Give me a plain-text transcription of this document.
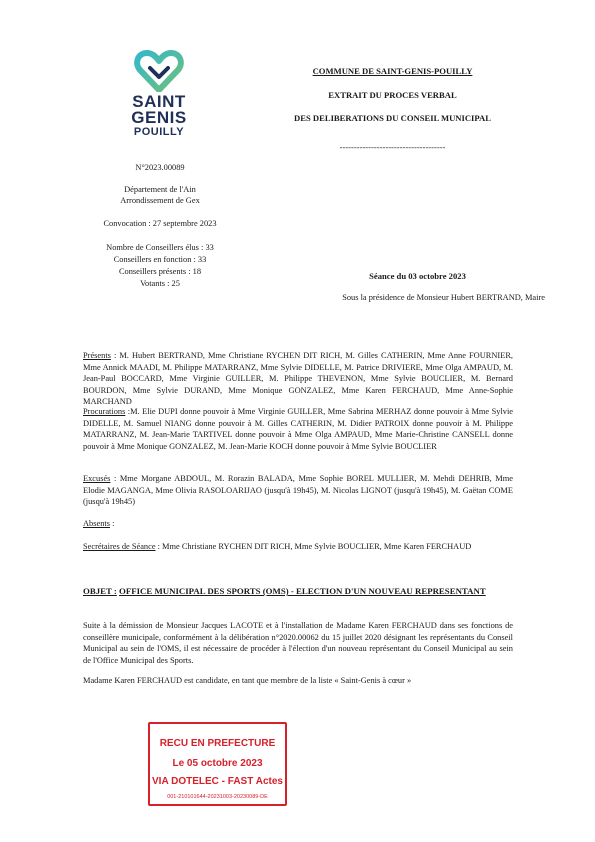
SAINT
GENIS
POUILLY
COMMUNE DE SAINT-GENIS-POUILLY
EXTRAIT DU PROCES VERBAL
DES DELIBERATIONS DU CONSEIL MUNICIPAL
-------------------------------------
N°2023.00089
Département de l'Ain
Arrondissement de Gex
Convocation : 27 septembre 2023
Nombre de Conseillers élus : 33
Conseillers en fonction : 33
Conseillers présents : 18
Votants : 25
Séance du 03 octobre 2023
Sous la présidence de Monsieur Hubert BERTRAND, Maire
Présents : M. Hubert BERTRAND, Mme Christiane RYCHEN DIT RICH, M. Gilles CATHERIN, Mme Anne FOURNIER, Mme Annick MAADI, M. Philippe MATARRANZ, Mme Sylvie DIDELLE, M. Patrice DRIVIERE, Mme Olga AMPAUD, M. Jean-Paul BOCCARD, Mme Virginie GUILLER, M. Philippe THEVENON, Mme Sylvie BOUCLIER, M. Bernard BOURDON, Mme Sylvie DURAND, Mme Monique GONZALEZ, Mme Karen FERCHAUD, Mme Anne-Sophie MARCHAND
Procurations :M. Elie DUPI donne pouvoir à Mme Virginie GUILLER, Mme Sabrina MERHAZ donne pouvoir à Mme Sylvie DIDELLE, M. Samuel NIANG donne pouvoir à M. Gilles CATHERIN, M. Didier PATROIX donne pouvoir à M. Philippe MATARRANZ, M. Jean-Marie TARTIVEL donne pouvoir à Mme Olga AMPAUD, Mme Marie-Christine CANSELL donne pouvoir à Mme Monique GONZALEZ, M. Jean-Marie KOCH donne pouvoir à Mme Sylvie BOUCLIER
Excusés : Mme Morgane ABDOUL, M. Rorazin BALADA, Mme Sophie BOREL MULLIER, M. Mehdi DEHRIB, Mme Elodie MAGANGA, Mme Olivia RASOLOARIJAO (jusqu'à 19h45), M. Nicolas LIGNOT (jusqu'à 19h45), M. Gaëtan COME (jusqu'à 19h45)
Absents :
Secrétaires de Séance : Mme Christiane RYCHEN DIT RICH, Mme Sylvie BOUCLIER, Mme Karen FERCHAUD
OBJET : OFFICE MUNICIPAL DES SPORTS (OMS) - ELECTION D'UN NOUVEAU REPRESENTANT
Suite à la démission de Monsieur Jacques LACOTE et à l'installation de Madame Karen FERCHAUD dans ses fonctions de conseillère municipale, conformément à la délibération n°2020.00062 du 15 juillet 2020 désignant les représentants du Conseil Municipal au sein de l'OMS, il est nécessaire de procéder à l'élection d'un nouveau représentant du Conseil Municipal au sein de l'Office Municipal des Sports.
Madame Karen FERCHAUD est candidate, en tant que membre de la liste « Saint-Genis à cœur »
RECU EN PREFECTURE
Le 05 octobre 2023
VIA DOTELEC - FAST Actes
001-210101644-20231003-20230089-DE
